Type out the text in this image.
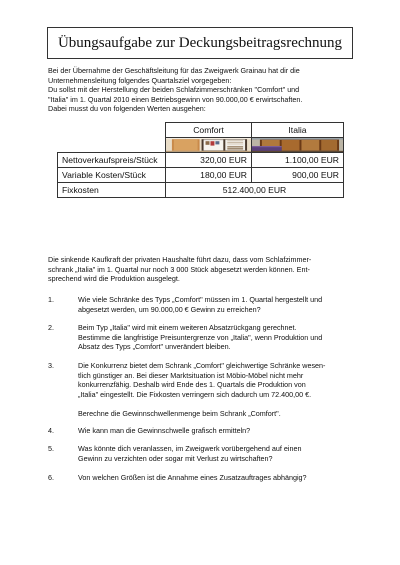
Übungsaufgabe zur Deckungsbeitragsrechnung
Bei der Übernahme der Geschäftsleitung für das Zweigwerk Grainau hat dir die
Unternehmensleitung folgendes Quartalsziel vorgegeben:
Du sollst mit der Herstellung der beiden Schlafzimmerschränken "Comfort" und
"Italia" im 1. Quartal 2010 einen Betriebsgewinn von 90.000,00 € erwirtschaften.
Dabei musst du von folgenden Werten ausgehen:
	Comfort	Italia

Nettoverkaufspreis/Stück	320,00 EUR	1.100,00 EUR
Variable Kosten/Stück	180,00 EUR	900,00 EUR
Fixkosten	512.400,00 EUR	
Die sinkende Kaufkraft der privaten Haushalte führt dazu, dass vom Schlafzimmer-
schrank „Italia" im 1. Quartal nur noch 3 000 Stück abgesetzt werden können. Ent-
sprechend wird die Produktion ausgelegt.
1.	Wie viele Schränke des Typs „Comfort" müssen im 1. Quartal hergestellt und
abgesetzt werden, um 90.000,00 € Gewinn zu erreichen?
2.	Beim Typ „Italia" wird mit einem weiteren Absatzrückgang gerechnet.
Bestimme die langfristige Preisuntergrenze von „Italia", wenn Produktion und
Absatz des Typs „Comfort" unverändert bleiben.
3.	Die Konkurrenz bietet dem Schrank „Comfort" gleichwertige Schränke wesen-
tlich günstiger an. Bei dieser Marktsituation ist Möbio-Möbel nicht mehr
konkurrenzfähig. Deshalb wird Ende des 1. Quartals die Produktion von
„Italia" eingestellt. Die Fixkosten verringern sich dadurch um 72.400,00 €.
Berechne die Gewinnschwellenmenge beim Schrank „Comfort".
4.	Wie kann man die Gewinnschwelle grafisch ermitteln?
5.	Was könnte dich veranlassen, im Zweigwerk vorübergehend auf einen
Gewinn zu verzichten oder sogar mit Verlust zu wirtschaften?
6.	Von welchen Größen ist die Annahme eines Zusatzauftrages abhängig?
